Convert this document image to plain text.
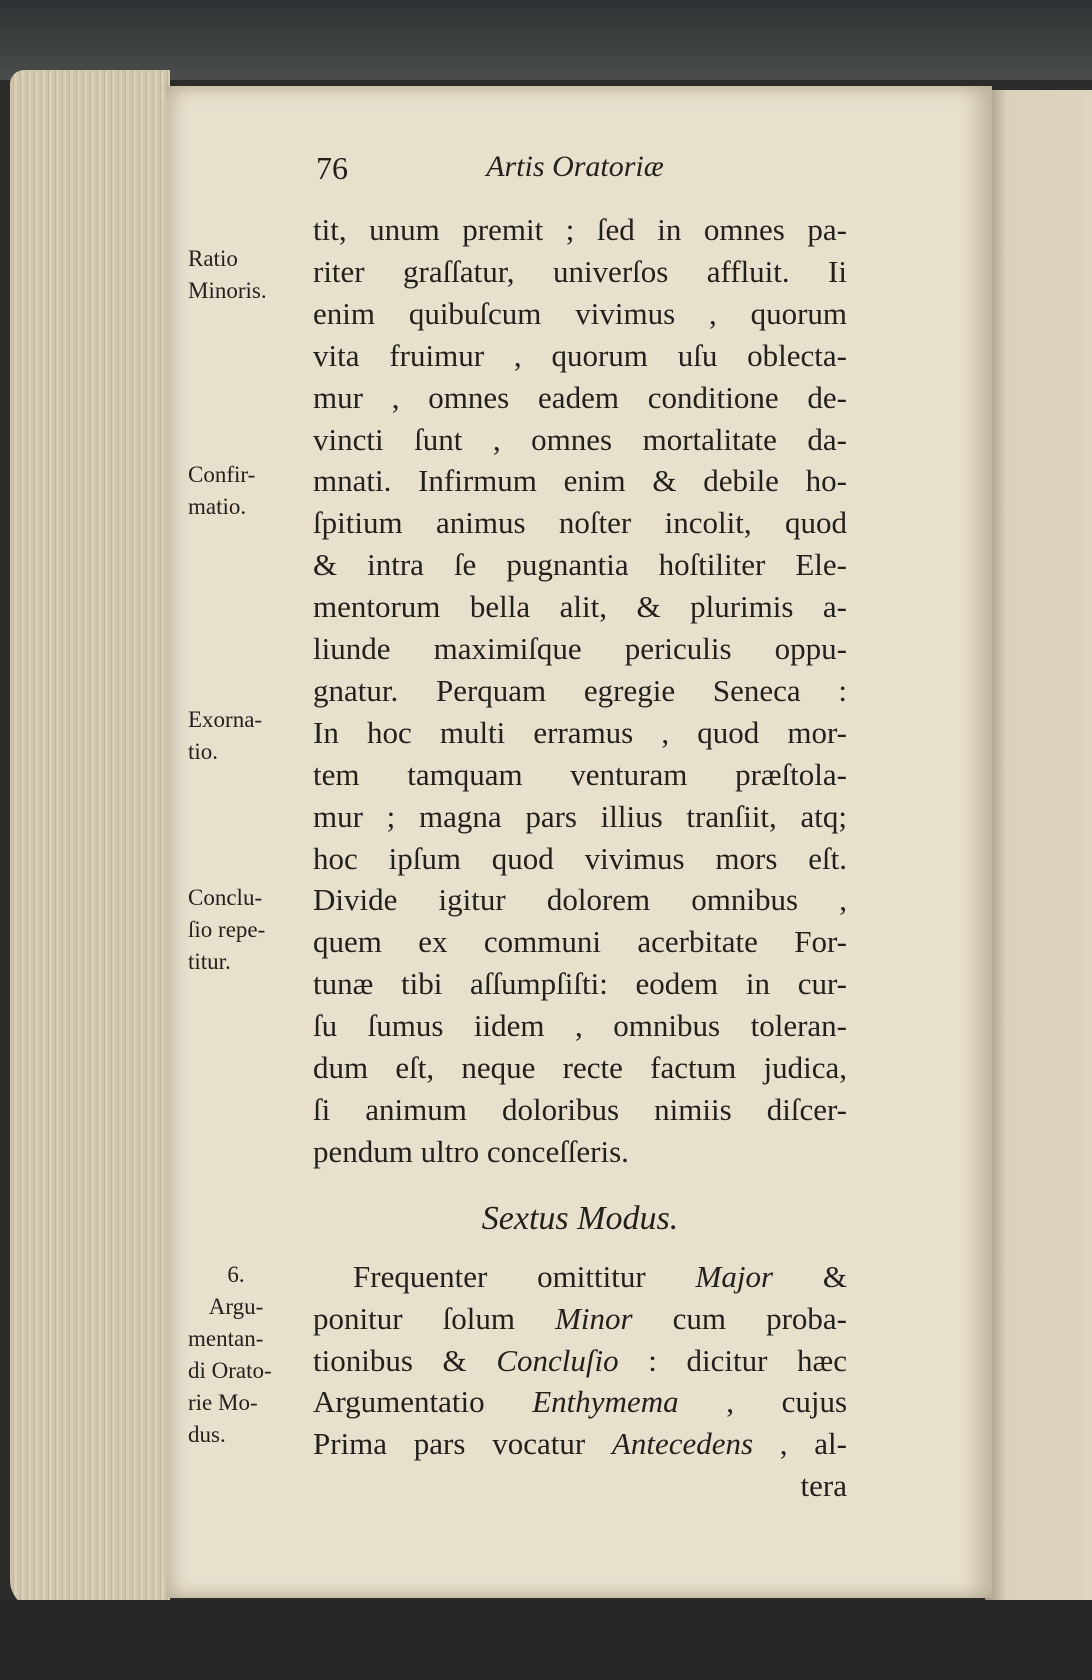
76	Artis Oratoriæ
Sextus Modus.
tit, unum premit ; ſed in omnes pa-
riter graſſatur, univerſos affluit. Ii
enim quibuſcum vivimus , quorum
vita fruimur , quorum uſu oblecta-
mur , omnes eadem conditione de-
vincti ſunt , omnes mortalitate da-
mnati. Infirmum enim & debile ho-
ſpitium animus noſter incolit, quod
& intra ſe pugnantia hoſtiliter Ele-
mentorum bella alit, & plurimis a-
liunde maximiſque periculis oppu-
gnatur. Perquam egregie Seneca :
In hoc multi erramus , quod mor-
tem tamquam venturam præſtola-
mur ; magna pars illius tranſiit, atq;
hoc ipſum quod vivimus mors eſt.
Divide igitur dolorem omnibus ,
quem ex communi acerbitate For-
tunæ tibi aſſumpſiſti: eodem in cur-
ſu ſumus iidem , omnibus toleran-
dum eſt, neque recte factum judica,
ſi animum doloribus nimiis diſcer-
pendum ultro conceſſeris.
Frequenter omittitur Major &
ponitur ſolum Minor cum proba-
tionibus & Concluſio : dicitur hæc
Argumentatio Enthymema , cujus
Prima pars vocatur Antecedens , al-
tera
Ratio
Minoris.
Confir-
matio.
Exorna-
tio.
Conclu-
ſio repe-
titur.
6.
Argu-
mentan-
di Orato-
rie Mo-
dus.
